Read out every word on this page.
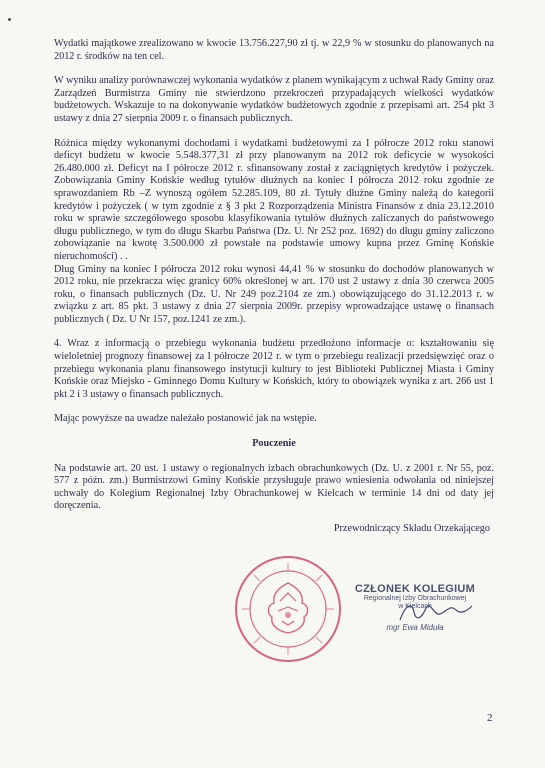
Wydatki majątkowe zrealizowano w kwocie 13.756.227,90 zł tj. w 22,9 % w stosunku do planowanych na 2012 r. środków na ten cel.

W wyniku analizy porównawczej wykonania wydatków z planem wynikającym z uchwał Rady Gminy oraz Zarządzeń Burmistrza Gminy nie stwierdzono przekroczeń przypadających wielkości wydatków budżetowych. Wskazuje to na dokonywanie wydatków budżetowych zgodnie z przepisami art. 254 pkt 3 ustawy z dnia 27 sierpnia 2009 r. o finansach publicznych.

Różnica między wykonanymi dochodami i wydatkami budżetowymi za I półrocze 2012 roku stanowi deficyt budżetu w kwocie 5.548.377,31 zł przy planowanym na 2012 rok deficycie w wysokości 26.480.000 zł. Deficyt na I półrocze 2012 r. sfinansowany został z zaciągniętych kredytów i pożyczek. Zobowiązania Gminy Końskie według tytułów dłużnych na koniec I półrocza 2012 roku zgodnie ze sprawozdaniem Rb –Z wynoszą ogółem 52.285.109, 80 zł. Tytuły dłużne Gminy należą do kategorii kredytów i pożyczek ( w tym zgodnie z § 3 pkt 2 Rozporządzenia Ministra Finansów z dnia 23.12.2010 roku w sprawie szczegółowego sposobu klasyfikowania tytułów dłużnych zaliczanych do państwowego długu publicznego, w tym do długu Skarbu Państwa (Dz. U. Nr 252 poz. 1692) do długu gminy zaliczono zobowiązanie na kwotę 3.500.000 zł powstałe na podstawie umowy kupna przez Gminę Końskie nieruchomości) . .

Dług Gminy na koniec I półrocza 2012 roku wynosi 44,41 % w stosunku do dochodów planowanych w 2012 roku, nie przekracza więc granicy 60% określonej w art. 170 ust 2 ustawy z dnia 30 czerwca 2005 roku, o finansach publicznych (Dz. U. Nr 249 poz.2104 ze zm.) obowiązującego do 31.12.2013 r. w związku z art. 85 pkt. 3 ustawy z dnia 27 sierpnia 2009r. przepisy wprowadzające ustawę o finansach publicznych ( Dz. U Nr 157, poz.1241 ze zm.).

4. Wraz z informacją o przebiegu wykonania budżetu przedłożono informacje o: kształtowaniu się wieloletniej prognozy finansowej za I półrocze 2012 r. w tym o przebiegu realizacji przedsięwzięć oraz o przebiegu wykonania planu finansowego instytucji kultury to jest Biblioteki Publicznej Miasta i Gminy Końskie oraz Miejsko - Gminnego Domu Kultury w Końskich, który to obowiązek wynika z art. 266 ust 1 pkt 2 i 3 ustawy o finansach publicznych.

Mając powyższe na uwadze należało postanowić jak na wstępie.

Pouczenie

Na podstawie art. 20 ust. 1 ustawy o regionalnych izbach obrachunkowych (Dz. U. z 2001 r. Nr 55, poz. 577 z późn. zm.) Burmistrzowi Gminy Końskie przysługuje prawo wniesienia odwołania od niniejszej uchwały do Kolegium Regionalnej Izby Obrachunkowej w Kielcach w terminie 14 dni od daty jej doręczenia.

Przewodniczący Składu Orzekającego
CZŁONEK KOLEGIUM
Regionalnej Izby Obrachunkowej
w Kielcach
mgr Ewa Miduła
2
